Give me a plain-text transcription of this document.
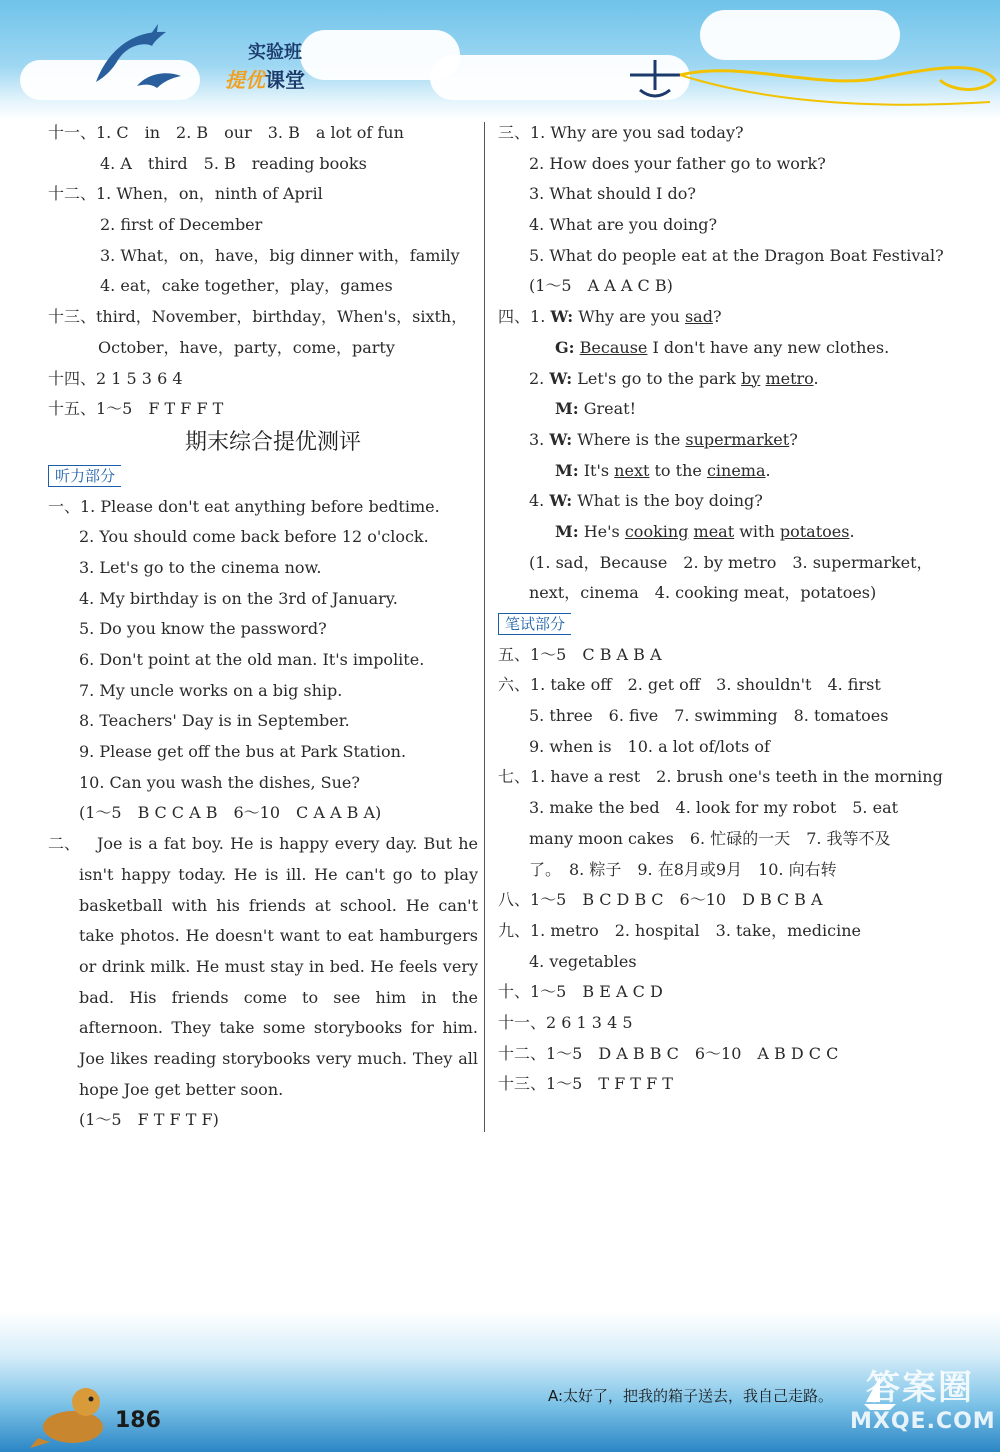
实验班
提优课堂
十一、1. C　in　2. B　our　3. B　a lot of fun
4. A　third　5. B　reading books
十二、1. When，on，ninth of April
2. first of December
3. What，on，have，big dinner with，family
4. eat，cake together，play，games
十三、third，November，birthday，When's，sixth，
October，have，party，come，party
十四、2 1 5 3 6 4
十五、1～5　F T F F T
期末综合提优测评
听力部分
一、1. Please don't eat anything before bedtime.
2. You should come back before 12 o'clock.
3. Let's go to the cinema now.
4. My birthday is on the 3rd of January.
5. Do you know the password?
6. Don't point at the old man. It's impolite.
7. My uncle works on a big ship.
8. Teachers' Day is in September.
9. Please get off the bus at Park Station.
10. Can you wash the dishes, Sue?
(1～5　B C C A B　6～10　C A A B A)
二、	Joe is a fat boy. He is happy every day. But he isn't happy today. He is ill. He can't go to play basketball with his friends at school. He can't take photos. He doesn't want to eat hamburgers or drink milk. He must stay in bed. He feels very bad. His friends come to see him in the afternoon. They take some storybooks for him. Joe likes reading storybooks very much. They all hope Joe get better soon.
(1～5　F T F T F)
三、1. Why are you sad today?
2. How does your father go to work?
3. What should I do?
4. What are you doing?
5. What do people eat at the Dragon Boat Festival?
(1～5　A A A C B)
四、1. W: Why are you sad?
G: Because I don't have any new clothes.
2. W: Let's go to the park by metro.
M: Great!
3. W: Where is the supermarket?
M: It's next to the cinema.
4. W: What is the boy doing?
M: He's cooking meat with potatoes.
(1. sad，Because　2. by metro　3. supermarket，
next，cinema　4. cooking meat，potatoes)
笔试部分
五、1～5　C B A B A
六、1. take off　2. get off　3. shouldn't　4. first
5. three　6. five　7. swimming　8. tomatoes
9. when is　10. a lot of/lots of
七、1. have a rest　2. brush one's teeth in the morning
3. make the bed　4. look for my robot　5. eat
many moon cakes　6. 忙碌的一天　7. 我等不及
了。　8. 粽子　9. 在8月或9月　10. 向右转
八、1～5　B C D B C　6～10　D B C B A
九、1. metro　2. hospital　3. take，medicine
4. vegetables
十、1～5　B E A C D
十一、2 6 1 3 4 5
十二、1～5　D A B B C　6～10　A B D C C
十三、1～5　T F T F T
186
A:太好了，把我的箱子送去，我自己走路。 答案圈
MXQE.COM
